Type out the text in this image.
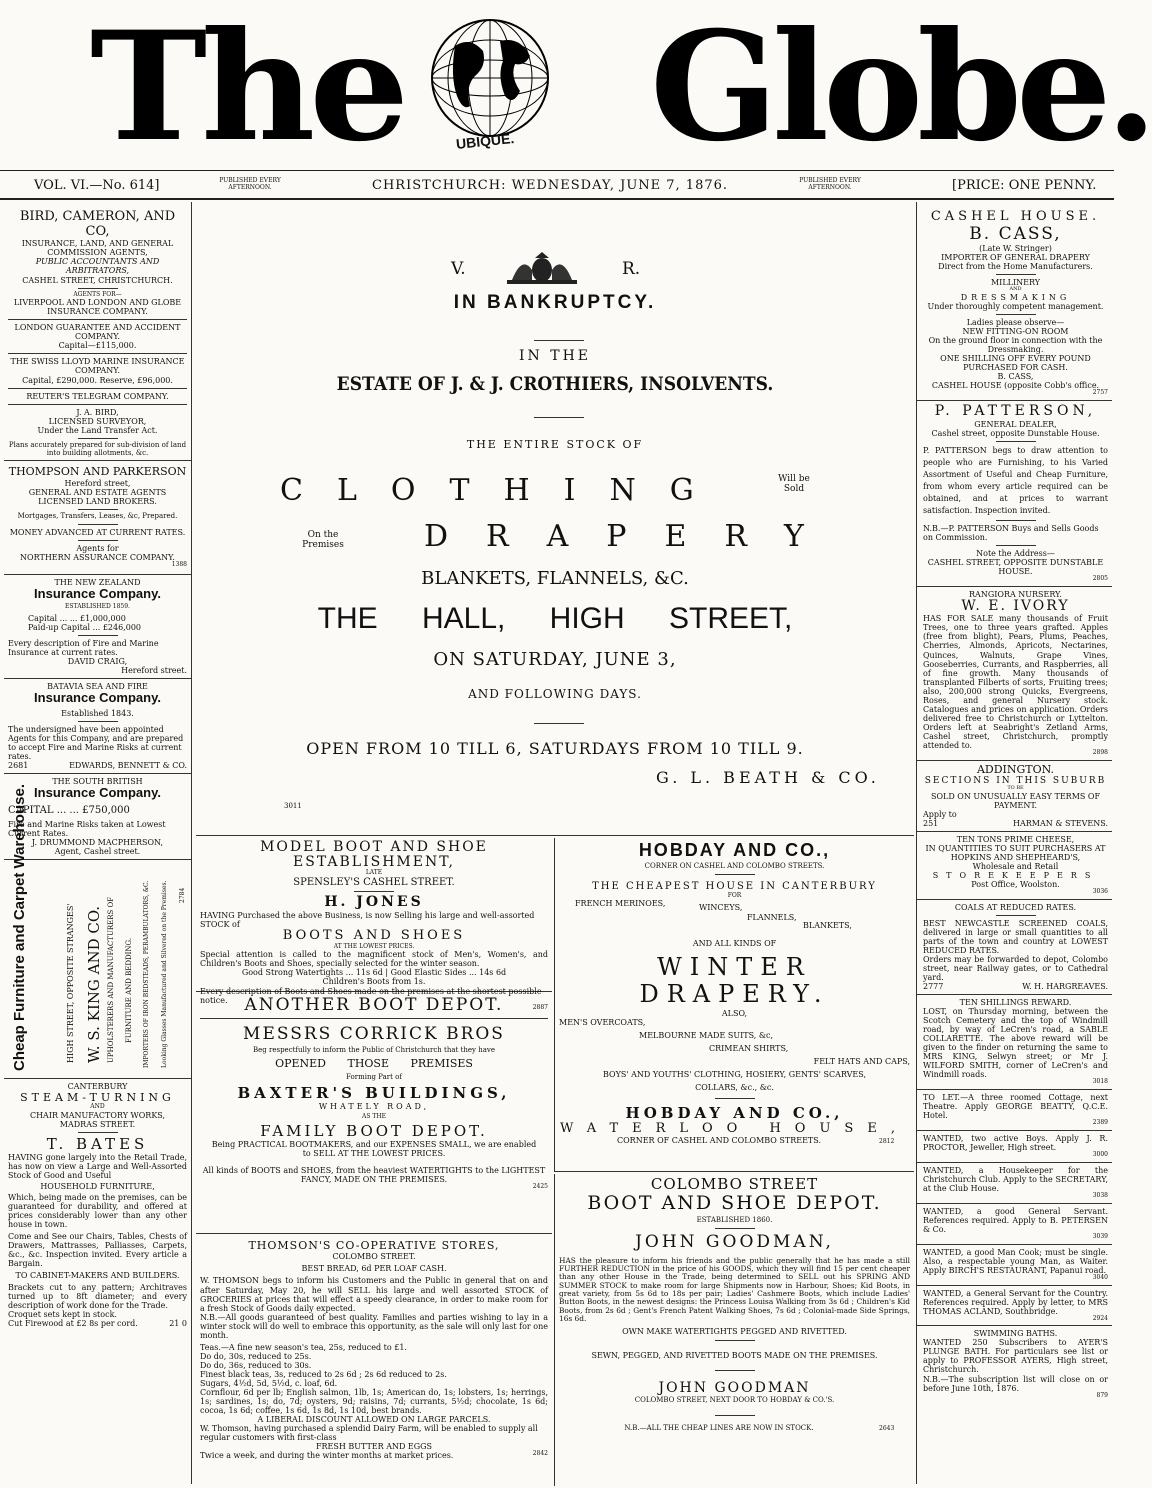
The	UBIQUE. Globe.
VOL. VI.—No. 614]	PUBLISHED EVERY AFTERNOON.	CHRISTCHURCH: WEDNESDAY, JUNE 7, 1876.	PUBLISHED EVERY AFTERNOON.	[PRICE: ONE PENNY.
BIRD, CAMERON, AND CO,
INSURANCE, LAND, AND GENERAL COMMISSION AGENTS,
PUBLIC ACCOUNTANTS AND ARBITRATORS,
CASHEL STREET, CHRISTCHURCH.
AGENTS FOR—
LIVERPOOL AND LONDON AND GLOBE INSURANCE COMPANY.
LONDON GUARANTEE AND ACCIDENT COMPANY.
Capital—£115,000.
THE SWISS LLOYD MARINE INSURANCE COMPANY.
Capital, £290,000. Reserve, £96,000.
REUTER'S TELEGRAM COMPANY.
J. A. BIRD,
LICENSED SURVEYOR,
Under the Land Transfer Act.
Plans accurately prepared for sub-division of land into building allotments, &c.
THOMPSON AND PARKERSON
Hereford street,
GENERAL AND ESTATE AGENTS
LICENSED LAND BROKERS.
Mortgages, Transfers, Leases, &c, Prepared.
MONEY ADVANCED AT CURRENT RATES.
Agents for
NORTHERN ASSURANCE COMPANY.
1388
THE NEW ZEALAND
Insurance Company.
ESTABLISHED 1859.
Capital ... ... £1,000,000
Paid-up Capital ... £246,000
Every description of Fire and Marine Insurance at current rates.
DAVID CRAIG,
Hereford street.
BATAVIA SEA AND FIRE
Insurance Company.
Established 1843.
The undersigned have been appointed Agents for this Company, and are prepared to accept Fire and Marine Risks at current rates.
2681	EDWARDS, BENNETT & CO.
THE SOUTH BRITISH
Insurance Company.
CAPITAL ... ... £750,000
Fire and Marine Risks taken at Lowest Current Rates.
J. DRUMMOND MACPHERSON,
Agent, Cashel street.
Cheap Furniture and Carpet Warehouse.	HIGH STREET, OPPOSITE STRANGES' W. S. KING AND CO. UPHOLSTERERS AND MANUFACTURERS OF FURNITURE AND BEDDING. IMPORTERS OF IRON BEDSTEADS, PERAMBULATORS, &C. Looking Glasses Manufactured and Silvered on the Premises. 2784
CANTERBURY
STEAM-TURNING
AND
CHAIR MANUFACTORY WORKS,
MADRAS STREET.
T. BATES
HAVING gone largely into the Retail Trade, has now on view a Large and Well-Assorted Stock of Good and Useful
HOUSEHOLD FURNITURE,
Which, being made on the premises, can be guaranteed for durability, and offered at prices considerably lower than any other house in town.
Come and See our Chairs, Tables, Chests of Drawers, Mattrasses, Palliasses, Carpets, &c., &c. Inspection invited. Every article a Bargain.
TO CABINET-MAKERS AND BUILDERS.
Brackets cut to any pattern; Architraves turned up to 8ft diameter; and every description of work done for the Trade.
Croquet sets kept in stock.
Cut Firewood at £2 8s per cord.	21 0
V.	R.
IN BANKRUPTCY.
IN THE
ESTATE OF J. & J. CROTHIERS, INSOLVENTS.
THE ENTIRE STOCK OF
CLOTHING	Will be Sold
On the Premises	DRAPERY
BLANKETS, FLANNELS, &C.
THE HALL, HIGH STREET,
ON SATURDAY, JUNE 3,
AND FOLLOWING DAYS.
OPEN FROM 10 TILL 6, SATURDAYS FROM 10 TILL 9.
G. L. BEATH & CO.
3011
MODEL BOOT AND SHOE ESTABLISHMENT,
LATE
SPENSLEY'S CASHEL STREET.
H. JONES
HAVING Purchased the above Business, is now Selling his large and well-assorted STOCK of
BOOTS AND SHOES
AT THE LOWEST PRICES.
Special attention is called to the magnificent stock of Men's, Women's, and Children's Boots and Shoes, specially selected for the winter season.
Good Strong Watertights ... 11s 6d | Good Elastic Sides ... 14s 6d
Children's Boots from 1s.
Every description of Boots and Shoes made on the premises at the shortest possible notice.
2887
ANOTHER BOOT DEPOT.
MESSRS CORRICK BROS
Beg respectfully to inform the Public of Christchurch that they have
OPENED THOSE PREMISES
Forming Part of
BAXTER'S BUILDINGS,
WHATELY ROAD,
AS THE
FAMILY BOOT DEPOT.
Being PRACTICAL BOOTMAKERS, and our EXPENSES SMALL, we are enabled to SELL AT THE LOWEST PRICES.
All kinds of BOOTS and SHOES, from the heaviest WATERTIGHTS to the LIGHTEST FANCY, MADE ON THE PREMISES.
2425
THOMSON'S CO-OPERATIVE STORES,
COLOMBO STREET.
BEST BREAD, 6d PER LOAF CASH.
W. THOMSON begs to inform his Customers and the Public in general that on and after Saturday, May 20, he will SELL his large and well assorted STOCK of GROCERIES at prices that will effect a speedy clearance, in order to make room for a fresh Stock of Goods daily expected.
N.B.—All goods guaranteed of best quality. Families and parties wishing to lay in a winter stock will do well to embrace this opportunity, as the sale will only last for one month.
Teas.—A fine new season's tea, 25s, reduced to £1.
Do do, 30s, reduced to 25s.
Do do, 36s, reduced to 30s.
Finest black teas, 3s, reduced to 2s 6d ; 2s 6d reduced to 2s.
Sugars, 4½d, 5d, 5½d, c. loaf, 6d.
Cornflour, 6d per lb; English salmon, 1lb, 1s; American do, 1s; lobsters, 1s; herrings, 1s; sardines, 1s; do, 7d; oysters, 9d; raisins, 7d; currants, 5½d; chocolate, 1s 6d; cocoa, 1s 6d; coffee, 1s 6d, 1s 8d, 1s 10d, best brands.
A LIBERAL DISCOUNT ALLOWED ON LARGE PARCELS.
W. Thomson, having purchased a splendid Dairy Farm, will be enabled to supply all regular customers with first-class
FRESH BUTTER AND EGGS
Twice a week, and during the winter months at market prices.	2842
HOBDAY AND CO.,
CORNER ON CASHEL AND COLOMBO STREETS.
THE CHEAPEST HOUSE IN CANTERBURY
FOR
FRENCH MERINOES,	WINCEYS,
FLANNELS,
BLANKETS,
AND ALL KINDS OF
WINTER DRAPERY.
ALSO,
MEN'S OVERCOATS,
MELBOURNE MADE SUITS, &c,
CRIMEAN SHIRTS,
FELT HATS AND CAPS,
BOYS' AND YOUTHS' CLOTHING, HOSIERY, GENTS' SCARVES,
COLLARS, &c., &c.
HOBDAY AND CO.,
WATERLOO HOUSE,
CORNER OF CASHEL AND COLOMBO STREETS.	2812
COLOMBO STREET
BOOT AND SHOE DEPOT.
ESTABLISHED 1860.
JOHN GOODMAN,
HAS the pleasure to inform his friends and the public generally that he has made a still FURTHER REDUCTION in the price of his GOODS, which they will find 15 per cent cheaper than any other House in the Trade, being determined to SELL out his SPRING AND SUMMER STOCK to make room for large Shipments now in Harbour, Shoes; Kid Boots, in great variety, from 5s 6d to 18s per pair; Ladies' Cashmere Boots, which include Ladies' Button Boots, in the newest designs: the Princess Louisa Walking from 3s 6d ; Children's Kid Boots, from 2s 6d ; Gent's French Patent Walking Shoes, 7s 6d ; Colonial-made Side Springs, 16s 6d.
OWN MAKE WATERTIGHTS PEGGED AND RIVETTED.
SEWN, PEGGED, AND RIVETTED BOOTS MADE ON THE PREMISES.
JOHN GOODMAN
COLOMBO STREET, NEXT DOOR TO HOBDAY & CO.'S.
N.B.—ALL THE CHEAP LINES ARE NOW IN STOCK.	2643
CASHEL HOUSE.
B. CASS,
(Late W. Stringer)
IMPORTER OF GENERAL DRAPERY
Direct from the Home Manufacturers.
MILLINERY
AND
DRESSMAKING
Under thoroughly competent management.
Ladies please observe—
NEW FITTING-ON ROOM
On the ground floor in connection with the Dressmaking.
ONE SHILLING OFF EVERY POUND PURCHASED FOR CASH.
B. CASS,
CASHEL HOUSE (opposite Cobb's office.
2757
P. PATTERSON,
GENERAL DEALER,
Cashel street, opposite Dunstable House.
P. PATTERSON begs to draw attention to people who are Furnishing, to his Varied Assortment of Useful and Cheap Furniture, from whom every article required can be obtained, and at prices to warrant satisfaction. Inspection invited.
N.B.—P. PATTERSON Buys and Sells Goods on Commission.
Note the Address—
CASHEL STREET, OPPOSITE DUNSTABLE HOUSE.
2805
RANGIORA NURSERY.
W. E. IVORY
HAS FOR SALE many thousands of Fruit Trees, one to three years grafted. Apples (free from blight), Pears, Plums, Peaches, Cherries, Almonds, Apricots, Nectarines, Quinces, Walnuts, Grape Vines, Gooseberries, Currants, and Raspberries, all of fine growth. Many thousands of transplanted Filberts of sorts, Fruiting trees; also, 200,000 strong Quicks, Evergreens, Roses, and general Nursery stock. Catalogues and prices on application. Orders delivered free to Christchurch or Lyttelton. Orders left at Seabright's Zetland Arms, Cashel street, Christchurch, promptly attended to.
2898
ADDINGTON.
SECTIONS IN THIS SUBURB
TO BE
SOLD ON UNUSUALLY EASY TERMS OF PAYMENT.
Apply to
251	HARMAN & STEVENS.
TEN TONS PRIME CHEESE,
IN QUANTITIES TO SUIT PURCHASERS AT
HOPKINS AND SHEPHEARD'S,
Wholesale and Retail
STOREKEEPERS
Post Office, Woolston.
3036
COALS AT REDUCED RATES.
BEST NEWCASTLE SCREENED COALS, delivered in large or small quantities to all parts of the town and country at LOWEST REDUCED RATES.
Orders may be forwarded to depot, Colombo street, near Railway gates, or to Cathedral yard.
2777	W. H. HARGREAVES.
TEN SHILLINGS REWARD.
LOST, on Thursday morning, between the Scotch Cemetery and the top of Windmill road, by way of LeCren's road, a SABLE COLLARETTE. The above reward will be given to the finder on returning the same to MRS KING, Selwyn street; or Mr J. WILFORD SMITH, corner of LeCren's and Windmill roads.
3018
TO LET.—A three roomed Cottage, next Theatre. Apply GEORGE BEATTY, Q.C.E. Hotel.
2389
WANTED, two active Boys. Apply J. R. PROCTOR, Jeweller, High street.
3000
WANTED, a Housekeeper for the Christchurch Club. Apply to the SECRETARY, at the Club House.
3038
WANTED, a good General Servant. References required. Apply to B. PETERSEN & Co.
3039
WANTED, a good Man Cook; must be single. Also, a respectable young Man, as Waiter. Apply BIRCH'S RESTAURANT, Papanui road.
3040
WANTED, a General Servant for the Country. References required. Apply by letter, to MRS THOMAS ACLAND, Southbridge.
2924
SWIMMING BATHS.
WANTED 250 Subscribers to AYER'S PLUNGE BATH. For particulars see list or apply to PROFESSOR AYERS, High street, Christchurch.
N.B.—The subscription list will close on or before June 10th, 1876.
879
